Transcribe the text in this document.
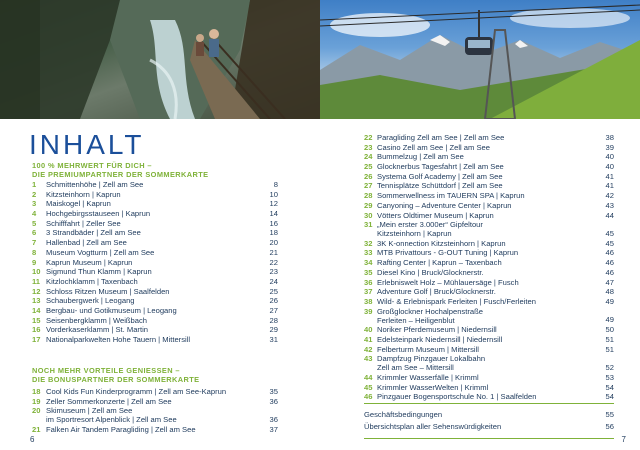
INHALT
100 % MEHRWERT FÜR DICH –
DIE PREMIUMPARTNER DER SOMMERKARTE
1 Schmittenhöhe | Zell am See	8
2 Kitzsteinhorn | Kaprun	10
3 Maiskogel | Kaprun	12
4 Hochgebirgsstauseen | Kaprun	14
5 Schifffahrt | Zeller See	16
6 3 Strandbäder | Zell am See	18
7 Hallenbad | Zell am See	20
8 Museum Vogtturm | Zell am See	21
9 Kaprun Museum | Kaprun	22
10 Sigmund Thun Klamm | Kaprun	23
11 Kitzlochklamm | Taxenbach	24
12 Schloss Ritzen Museum | Saalfelden	25
13 Schaubergwerk | Leogang	26
14 Bergbau- und Gotikmuseum | Leogang	27
15 Seisenbergklamm | Weißbach	28
16 Vorderkaserklamm | St. Martin	29
17 Nationalparkwelten Hohe Tauern | Mittersill	31
NOCH MEHR VORTEILE GENIESSEN –
DIE BONUSPARTNER DER SOMMERKARTE
18 Cool Kids Fun Kinderprogramm | Zell am See-Kaprun	35
19 Zeller Sommerkonzerte | Zell am See	36
20 Skimuseum | Zell am See
im Sportresort Alpenblick | Zell am See	36
21 Falken Air Tandem Paragliding | Zell am See	37
6
22 Paragliding Zell am See | Zell am See	38
23 Casino Zell am See | Zell am See	39
24 Bummelzug | Zell am See	40
25 Glocknerbus Tagesfahrt | Zell am See	40
26 Systema Golf Academy | Zell am See	41
27 Tennisplätze Schüttdorf | Zell am See	41
28 Sommerwellness im TAUERN SPA | Kaprun	42
29 Canyoning – Adventure Center | Kaprun	43
30 Vötters Oldtimer Museum | Kaprun	44
31 „Mein erster 3.000er“ Gipfeltour
Kitzsteinhorn | Kaprun	45
32 3K K-onnection Kitzsteinhorn | Kaprun	45
33 MTB Privattours - G-OUT Tuning | Kaprun	46
34 Rafting Center | Kaprun – Taxenbach	46
35 Diesel Kino | Bruck/Glocknerstr.	46
36 Erlebniswelt Holz – Mühlauersäge | Fusch	47
37 Adventure Golf | Bruck/Glocknerstr.	48
38 Wild- & Erlebnispark Ferleiten | Fusch/Ferleiten	49
39 Großglockner Hochalpenstraße
Ferleiten – Heiligenblut	49
40 Noriker Pferdemuseum | Niedernsill	50
41 Edelsteinpark Niedernsill | Niedernsill	51
42 Felberturm Museum | Mittersill	51
43 Dampfzug Pinzgauer Lokalbahn
Zell am See – Mittersill	52
44 Krimmler Wasserfälle | Krimml	53
45 Krimmler WasserWelten | Krimml	54
46 Pinzgauer Bogensportschule No. 1 | Saalfelden	54
Geschäftsbedingungen	55
Übersichtsplan aller Sehenswürdigkeiten	56
7
